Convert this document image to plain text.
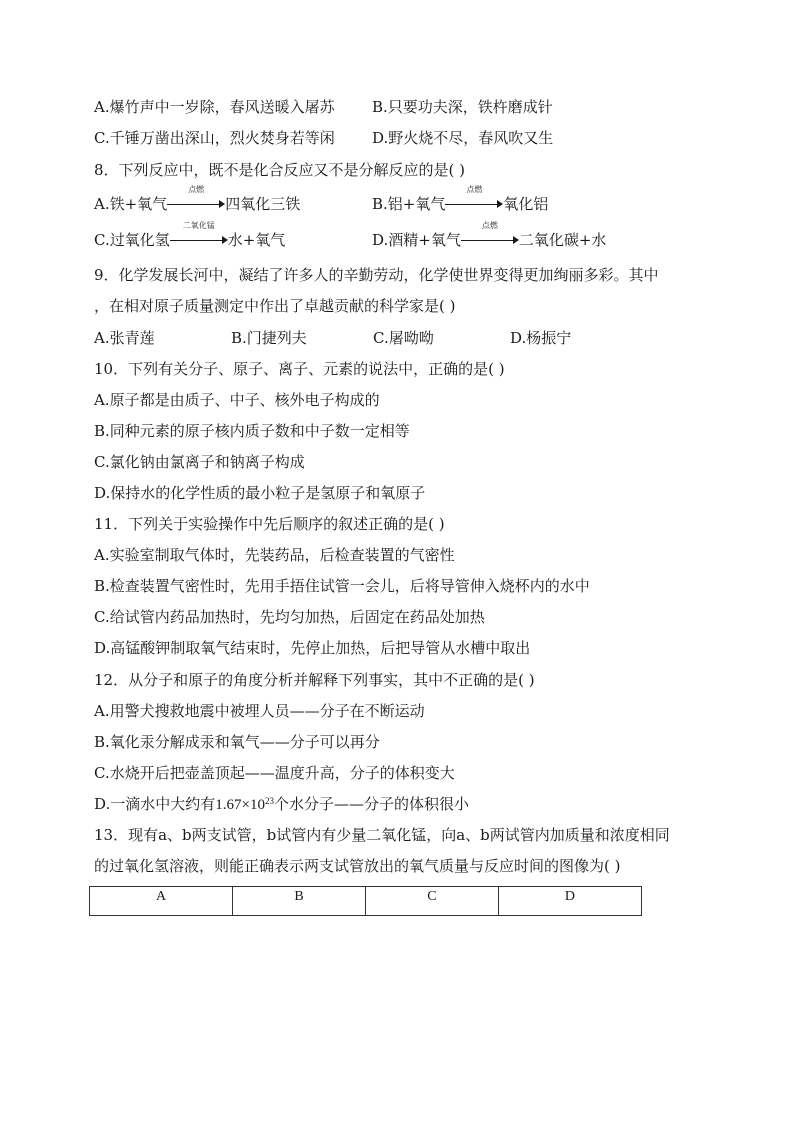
A.爆竹声中一岁除，春风送暖入屠苏 B.只要功夫深，铁杵磨成针
C.千锤万凿出深山，烈火焚身若等闲 D.野火烧不尽，春风吹又生
8．下列反应中，既不是化合反应又不是分解反应的是( )
A.铁+氧气
点燃
四氧化三铁	B.铝+氧气
点燃
氧化铝
C.过氧化氢
二氧化锰
水+氧气	D.酒精+氧气
点燃
二氧化碳+水
9．化学发展长河中，凝结了许多人的辛勤劳动，化学使世界变得更加绚丽多彩。其中
，在相对原子质量测定中作出了卓越贡献的科学家是( )
A.张青莲	B.门捷列夫	C.屠呦呦	D.杨振宁
10．下列有关分子、原子、离子、元素的说法中，正确的是( )
A.原子都是由质子、中子、核外电子构成的
B.同种元素的原子核内质子数和中子数一定相等
C.氯化钠由氯离子和钠离子构成
D.保持水的化学性质的最小粒子是氢原子和氧原子
11．下列关于实验操作中先后顺序的叙述正确的是( )
A.实验室制取气体时，先装药品，后检查装置的气密性
B.检查装置气密性时，先用手捂住试管一会儿，后将导管伸入烧杯内的水中
C.给试管内药品加热时，先均匀加热，后固定在药品处加热
D.高锰酸钾制取氧气结束时，先停止加热，后把导管从水槽中取出
12．从分子和原子的角度分析并解释下列事实，其中不正确的是( )
A.用警犬搜救地震中被埋人员——分子在不断运动
B.氧化汞分解成汞和氧气——分子可以再分
C.水烧开后把壶盖顶起——温度升高，分子的体积变大
D.一滴水中大约有$1.67\times 10^{23}$个水分子——分子的体积很小
13．现有a、b两支试管，b试管内有少量二氧化锰，向a、b两试管内加质量和浓度相同
的过氧化氢溶液，则能正确表示两支试管放出的氧气质量与反应时间的图像为( )
A	B	C	D
